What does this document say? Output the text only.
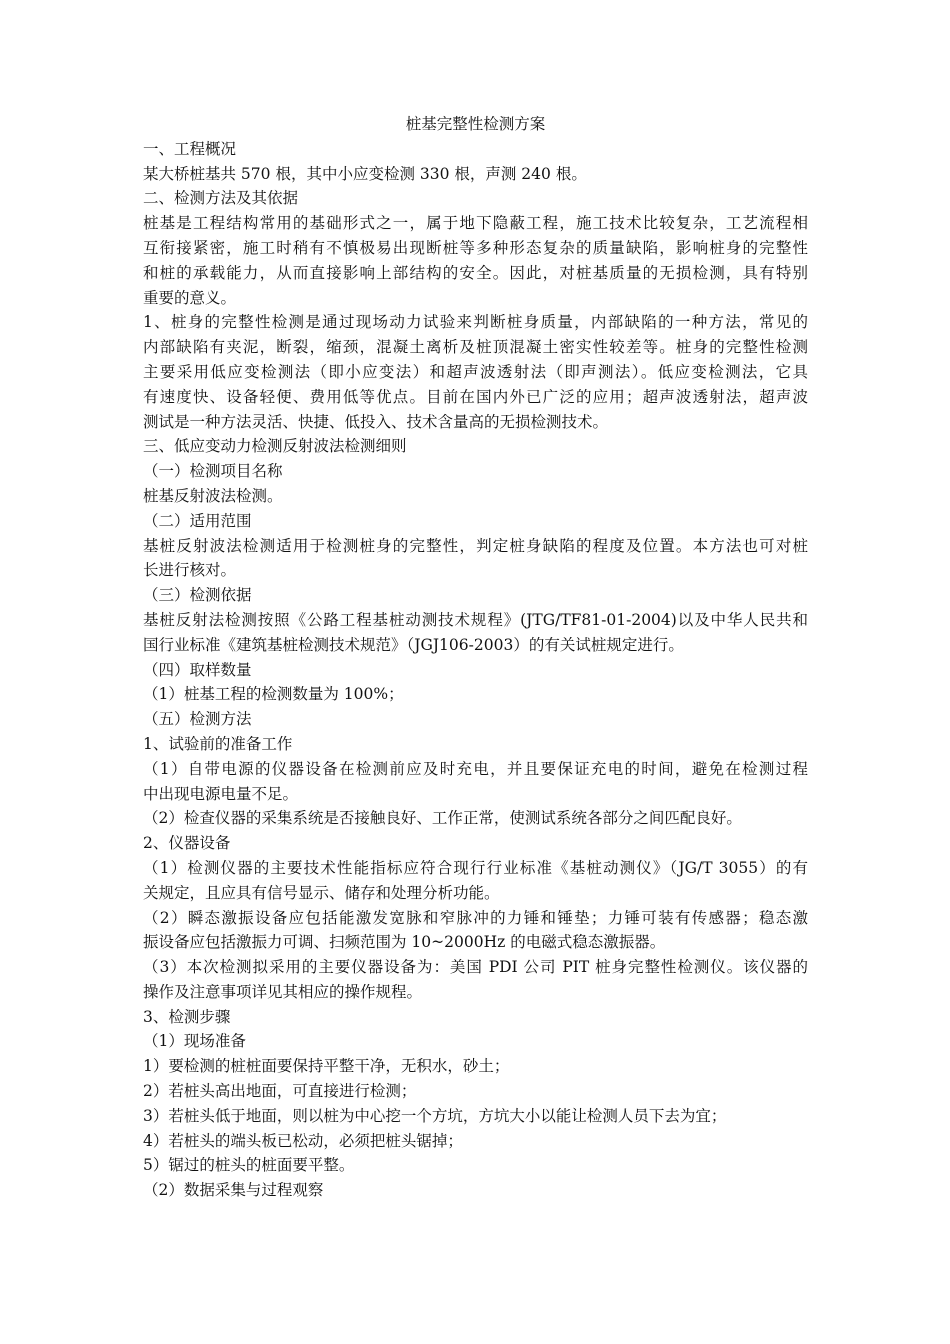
桩基完整性检测方案
一、工程概况
某大桥桩基共 570 根，其中小应变检测 330 根，声测 240 根。
二、检测方法及其依据
桩基是工程结构常用的基础形式之一，属于地下隐蔽工程，施工技术比较复杂，工艺流程相
互衔接紧密，施工时稍有不慎极易出现断桩等多种形态复杂的质量缺陷，影响桩身的完整性
和桩的承载能力，从而直接影响上部结构的安全。因此，对桩基质量的无损检测，具有特别
重要的意义。
1、桩身的完整性检测是通过现场动力试验来判断桩身质量，内部缺陷的一种方法，常见的
内部缺陷有夹泥，断裂，缩颈，混凝土离析及桩顶混凝土密实性较差等。桩身的完整性检测
主要采用低应变检测法（即小应变法）和超声波透射法（即声测法）。低应变检测法，它具
有速度快、设备轻便、费用低等优点。目前在国内外已广泛的应用；超声波透射法，超声波
测试是一种方法灵活、快捷、低投入、技术含量高的无损检测技术。
三、低应变动力检测反射波法检测细则
（一）检测项目名称
桩基反射波法检测。
（二）适用范围
基桩反射波法检测适用于检测桩身的完整性，判定桩身缺陷的程度及位置。本方法也可对桩
长进行核对。
（三）检测依据
基桩反射法检测按照《公路工程基桩动测技术规程》(JTG/TF81-01-2004)以及中华人民共和
国行业标准《建筑基桩检测技术规范》（JGJ106-2003）的有关试桩规定进行。
（四）取样数量
（1）桩基工程的检测数量为 100%；
（五）检测方法
1、试验前的准备工作
（1）自带电源的仪器设备在检测前应及时充电，并且要保证充电的时间，避免在检测过程
中出现电源电量不足。
（2）检查仪器的采集系统是否接触良好、工作正常，使测试系统各部分之间匹配良好。
2、仪器设备
（1）检测仪器的主要技术性能指标应符合现行行业标准《基桩动测仪》（JG/T 3055）的有
关规定，且应具有信号显示、储存和处理分析功能。
（2）瞬态激振设备应包括能激发宽脉和窄脉冲的力锤和锤垫；力锤可装有传感器；稳态激
振设备应包括激振力可调、扫频范围为 10~2000Hz 的电磁式稳态激振器。
（3）本次检测拟采用的主要仪器设备为：美国 PDI 公司 PIT 桩身完整性检测仪。该仪器的
操作及注意事项详见其相应的操作规程。
3、检测步骤
（1）现场准备
1）要检测的桩桩面要保持平整干净，无积水，砂土；
2）若桩头高出地面，可直接进行检测；
3）若桩头低于地面，则以桩为中心挖一个方坑，方坑大小以能让检测人员下去为宜；
4）若桩头的端头板已松动，必须把桩头锯掉；
5）锯过的桩头的桩面要平整。
（2）数据采集与过程观察
